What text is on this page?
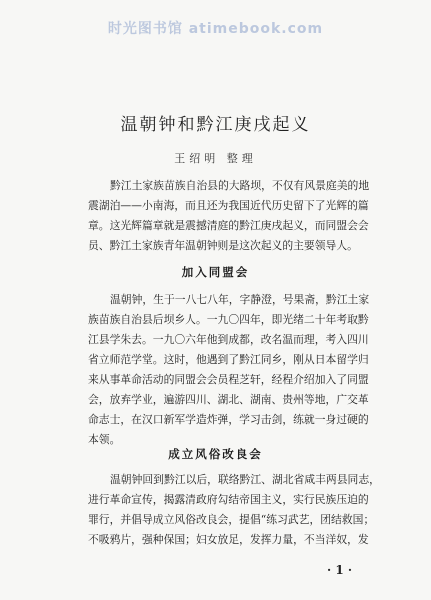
时光图书馆 atimebook.com
温朝钟和黔江庚戌起义
王绍明 整理
黔江土家族苗族自治县的大路坝，不仅有风景庭美的地
震湖泊——小南海，而且还为我国近代历史留下了光辉的篇
章。这光辉篇章就是震撼清庭的黔江庚戌起义，而同盟会会
员、黔江土家族青年温朝钟则是这次起义的主要领导人。
加入同盟会
温朝钟，生于一八七八年，字静澄，号果斋，黔江土家
族苗族自治县后坝乡人。一九〇四年，即光绪二十年考取黔
江县学朱去。一九〇六年他到成都，改名温而理，考入四川
省立师范学堂。这时，他遇到了黔江同乡，刚从日本留学归
来从事革命活动的同盟会会员程芝轩，经程介绍加入了同盟
会，放弃学业，遍游四川、湖北、湖南、贵州等地，广交革
命志士，在汉口新军学造炸弹，学习击剑，练就一身过硬的
本领。
成立风俗改良会
温朝钟回到黔江以后，联络黔江、湖北省咸丰两县同志，
进行革命宣传，揭露清政府勾结帝国主义，实行民族压迫的
罪行，并倡导成立风俗改良会，提倡“练习武艺，团结救国；
不吸鸦片，强种保国；妇女放足，发挥力量，不当洋奴，发
· 1 ·
